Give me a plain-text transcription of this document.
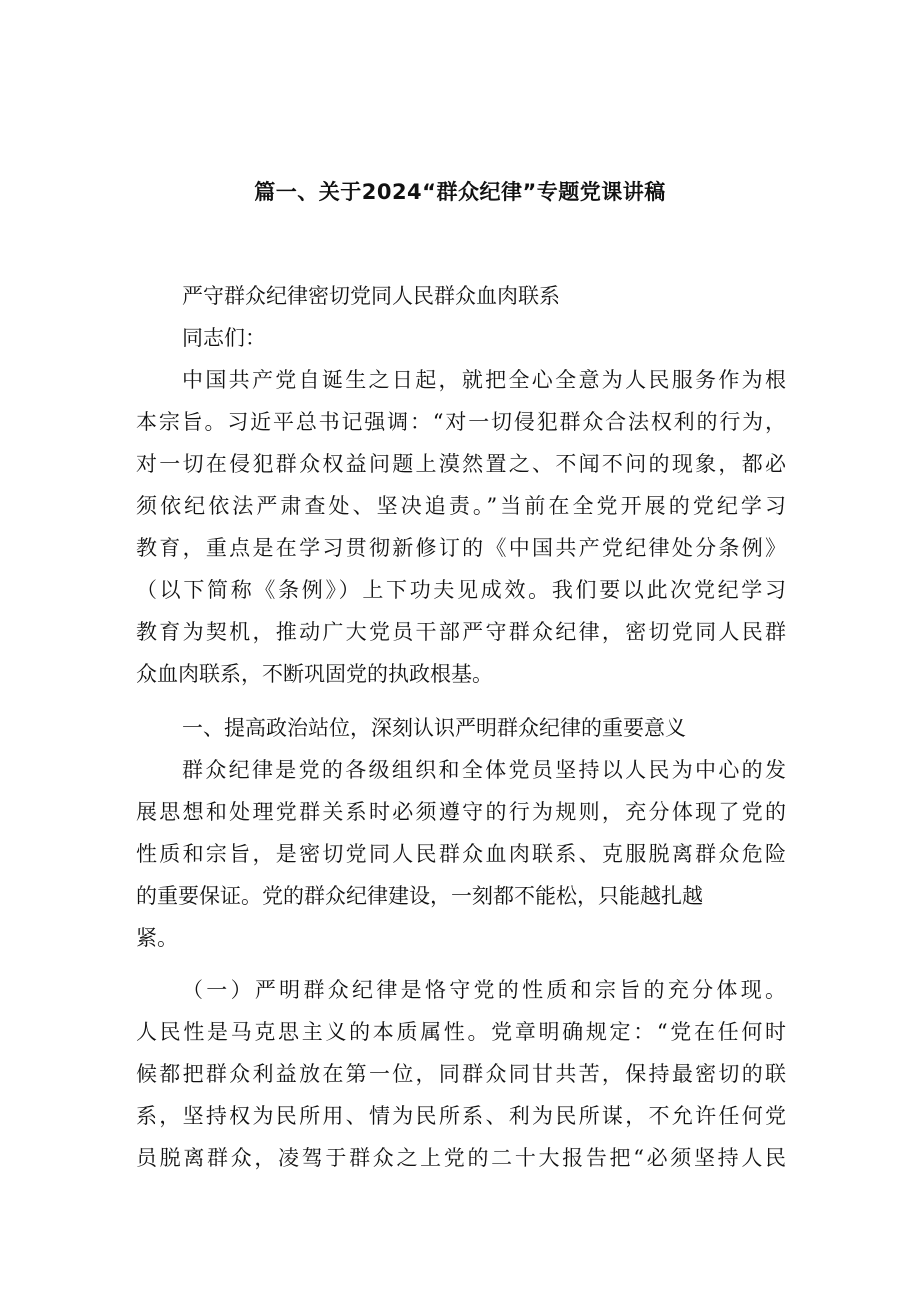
篇一、关于2024“群众纪律”专题党课讲稿
严守群众纪律密切党同人民群众血肉联系
同志们：
中国共产党自诞生之日起，就把全心全意为人民服务作为根
本宗旨。习近平总书记强调：“对一切侵犯群众合法权利的行为，
对一切在侵犯群众权益问题上漠然置之、不闻不问的现象，都必
须依纪依法严肃查处、坚决追责。”当前在全党开展的党纪学习
教育，重点是在学习贯彻新修订的《中国共产党纪律处分条例》
（以下简称《条例》）上下功夫见成效。我们要以此次党纪学习
教育为契机，推动广大党员干部严守群众纪律，密切党同人民群
众血肉联系，不断巩固党的执政根基。
一、提高政治站位，深刻认识严明群众纪律的重要意义
群众纪律是党的各级组织和全体党员坚持以人民为中心的发
展思想和处理党群关系时必须遵守的行为规则，充分体现了党的
性质和宗旨，是密切党同人民群众血肉联系、克服脱离群众危险
的重要保证。党的群众纪律建设，一刻都不能松，只能越扎越
紧。
（一）严明群众纪律是恪守党的性质和宗旨的充分体现。
人民性是马克思主义的本质属性。党章明确规定：“党在任何时
候都把群众利益放在第一位，同群众同甘共苦，保持最密切的联
系，坚持权为民所用、情为民所系、利为民所谋，不允许任何党
员脱离群众，凌驾于群众之上党的二十大报告把“必须坚持人民
